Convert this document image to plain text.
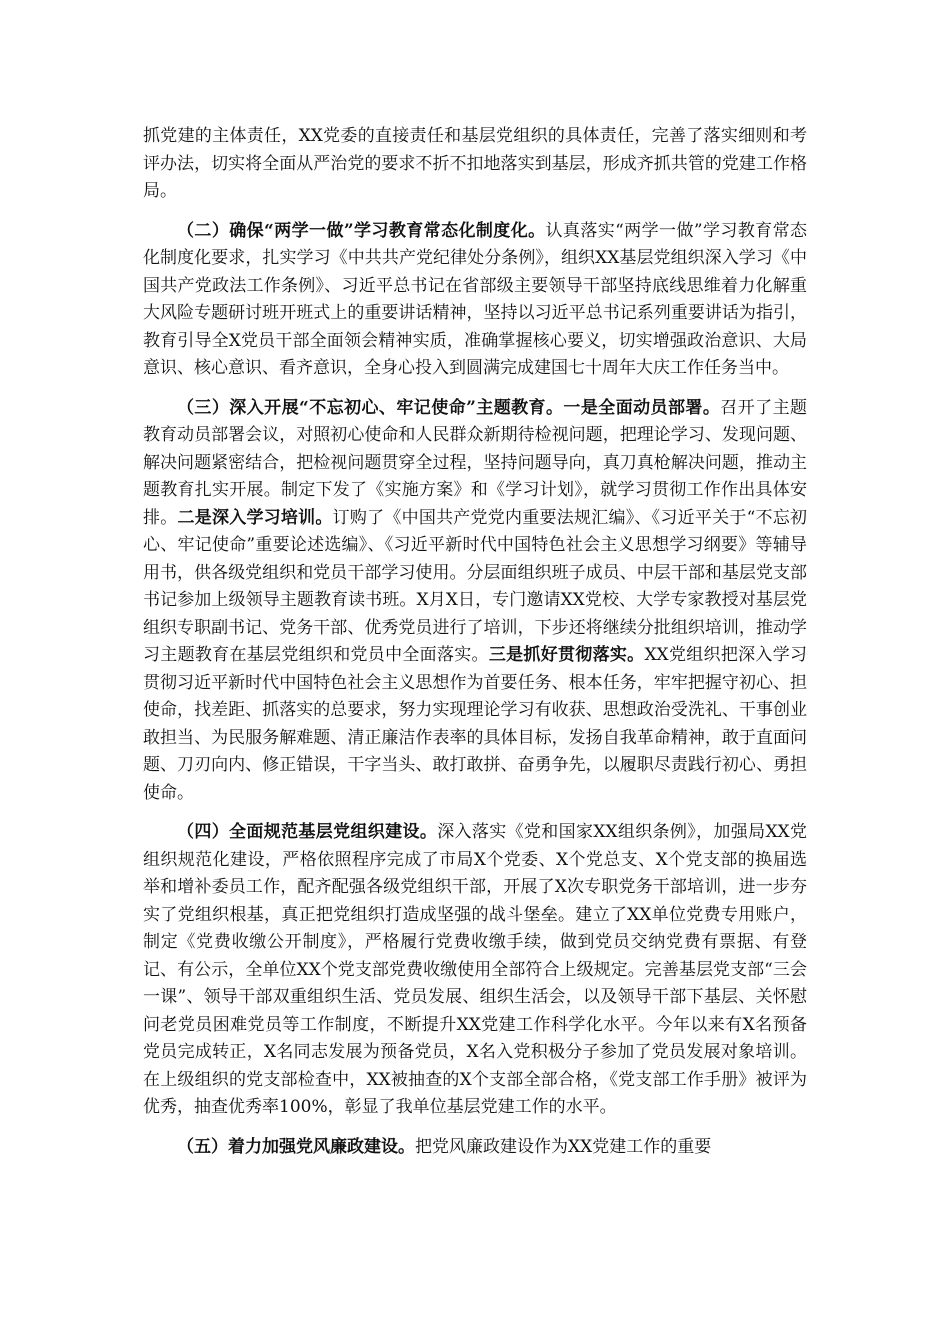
抓党建的主体责任，XX党委的直接责任和基层党组织的具体责任，完善了落实细则和考评办法，切实将全面从严治党的要求不折不扣地落实到基层，形成齐抓共管的党建工作格局。

（二）确保“两学一做”学习教育常态化制度化。认真落实“两学一做”学习教育常态化制度化要求，扎实学习《中共共产党纪律处分条例》，组织XX基层党组织深入学习《中国共产党政法工作条例》、习近平总书记在省部级主要领导干部坚持底线思维着力化解重大风险专题研讨班开班式上的重要讲话精神，坚持以习近平总书记系列重要讲话为指引，教育引导全X党员干部全面领会精神实质，准确掌握核心要义，切实增强政治意识、大局意识、核心意识、看齐意识，全身心投入到圆满完成建国七十周年大庆工作任务当中。

（三）深入开展“不忘初心、牢记使命”主题教育。一是全面动员部署。召开了主题教育动员部署会议，对照初心使命和人民群众新期待检视问题，把理论学习、发现问题、解决问题紧密结合，把检视问题贯穿全过程，坚持问题导向，真刀真枪解决问题，推动主题教育扎实开展。制定下发了《实施方案》和《学习计划》，就学习贯彻工作作出具体安排。二是深入学习培训。订购了《中国共产党党内重要法规汇编》、《习近平关于“不忘初心、牢记使命”重要论述选编》、《习近平新时代中国特色社会主义思想学习纲要》等辅导用书，供各级党组织和党员干部学习使用。分层面组织班子成员、中层干部和基层党支部书记参加上级领导主题教育读书班。X月X日，专门邀请XX党校、大学专家教授对基层党组织专职副书记、党务干部、优秀党员进行了培训，下步还将继续分批组织培训，推动学习主题教育在基层党组织和党员中全面落实。三是抓好贯彻落实。XX党组织把深入学习贯彻习近平新时代中国特色社会主义思想作为首要任务、根本任务，牢牢把握守初心、担使命，找差距、抓落实的总要求，努力实现理论学习有收获、思想政治受洗礼、干事创业敢担当、为民服务解难题、清正廉洁作表率的具体目标，发扬自我革命精神，敢于直面问题、刀刃向内、修正错误，干字当头、敢打敢拼、奋勇争先，以履职尽责践行初心、勇担使命。

（四）全面规范基层党组织建设。深入落实《党和国家XX组织条例》，加强局XX党组织规范化建设，严格依照程序完成了市局X个党委、X个党总支、X个党支部的换届选举和增补委员工作，配齐配强各级党组织干部，开展了X次专职党务干部培训，进一步夯实了党组织根基，真正把党组织打造成坚强的战斗堡垒。建立了XX单位党费专用账户，制定《党费收缴公开制度》，严格履行党费收缴手续，做到党员交纳党费有票据、有登记、有公示，全单位XX个党支部党费收缴使用全部符合上级规定。完善基层党支部“三会一课”、领导干部双重组织生活、党员发展、组织生活会，以及领导干部下基层、关怀慰问老党员困难党员等工作制度，不断提升XX党建工作科学化水平。今年以来有X名预备党员完成转正，X名同志发展为预备党员，X名入党积极分子参加了党员发展对象培训。在上级组织的党支部检查中，XX被抽查的X个支部全部合格，《党支部工作手册》被评为优秀，抽查优秀率100%，彰显了我单位基层党建工作的水平。

（五）着力加强党风廉政建设。把党风廉政建设作为XX党建工作的重要
